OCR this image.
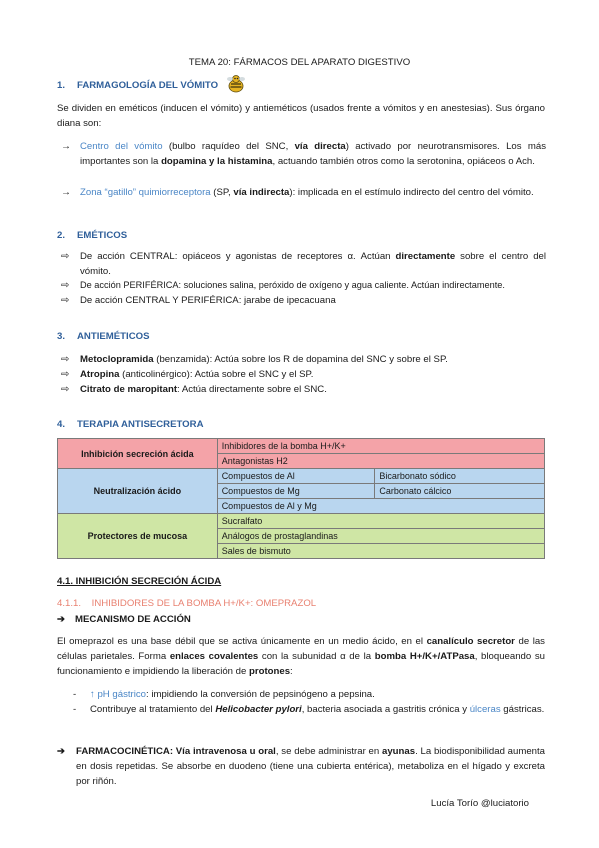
TEMA 20: FÁRMACOS DEL APARATO DIGESTIVO
1. FARMAGOLOGÍA DEL VÓMITO
Se dividen en eméticos (inducen el vómito) y antieméticos (usados frente a vómitos y en anestesias). Sus órgano diana son:
→ Centro del vómito (bulbo raquídeo del SNC, vía directa) activado por neurotransmisores. Los más importantes son la dopamina y la histamina, actuando también otros como la serotonina, opiáceos o Ach.
→ Zona “gatillo” quimiorreceptora (SP, vía indirecta): implicada en el estímulo indirecto del centro del vómito.
2. EMÉTICOS
⇨ De acción CENTRAL: opiáceos y agonistas de receptores α. Actúan directamente sobre el centro del vómito.
⇨ De acción PERIFÉRICA: soluciones salina, peróxido de oxígeno y agua caliente. Actúan indirectamente.
⇨ De acción CENTRAL Y PERIFÉRICA: jarabe de ipecacuana
3. ANTIEMÉTICOS
⇨ Metoclopramida (benzamida): Actúa sobre los R de dopamina del SNC y sobre el SP.
⇨ Atropina (anticolinérgico): Actúa sobre el SNC y el SP.
⇨ Citrato de maropitant: Actúa directamente sobre el SNC.
4. TERAPIA ANTISECRETORA
Inhibición secreción ácida	Inhibidores de la bomba H+/K+	
	Antagonistas H2	
Neutralización ácido	Compuestos de Al	Bicarbonato sódico
	Compuestos de Mg	Carbonato cálcico
	Compuestos de Al y Mg	
Protectores de mucosa	Sucralfato	
	Análogos de prostaglandinas	
	Sales de bismuto	
4.1. INHIBICIÓN SECRECIÓN ÁCIDA
4.1.1.    INHIBIDORES DE LA BOMBA H+/K+: OMEPRAZOL
➔ MECANISMO DE ACCIÓN
El omeprazol es una base débil que se activa únicamente en un medio ácido, en el canalículo secretor de las células parietales. Forma enlaces covalentes con la subunidad α de la bomba H+/K+/ATPasa, bloqueando su funcionamiento e impidiendo la liberación de protones:
- ↑ pH gástrico: impidiendo la conversión de pepsinógeno a pepsina.
- Contribuye al tratamiento del Helicobacter pylori, bacteria asociada a gastritis crónica y úlceras gástricas.
➔ FARMACOCINÉTICA: Vía intravenosa u oral, se debe administrar en ayunas. La biodisponibilidad aumenta en dosis repetidas. Se absorbe en duodeno (tiene una cubierta entérica), metaboliza en el hígado y excreta por riñón.
Lucía Torío @luciatorio
